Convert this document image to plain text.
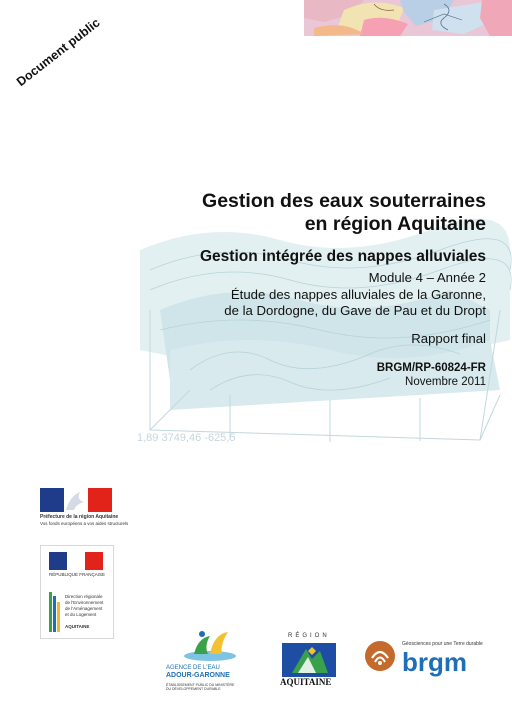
Document public
1,89 3749,46 -625,5
Gestion des eaux souterraines
en région Aquitaine
Gestion intégrée des nappes alluviales
Module 4 – Année 2
Étude des nappes alluviales de la Garonne,
de la Dordogne, du Gave de Pau et du Dropt
Rapport final
BRGM/RP-60824-FR
Novembre 2011
Préfecture de la région Aquitaine
Vos fonds européens a vos aides structurels
RÉPUBLIQUE FRANÇAISE
Direction régionale
de l'Environnement
de l'Aménagement
et du Logement
AQUITAINE
AGENCE DE L'EAU
ADOUR-GARONNE
ÉTABLISSEMENT PUBLIC DU MINISTÈRE
DU DÉVELOPPEMENT DURABLE
RÉGION
AQUITAINE
Géosciences pour une Terre durable
brgm
